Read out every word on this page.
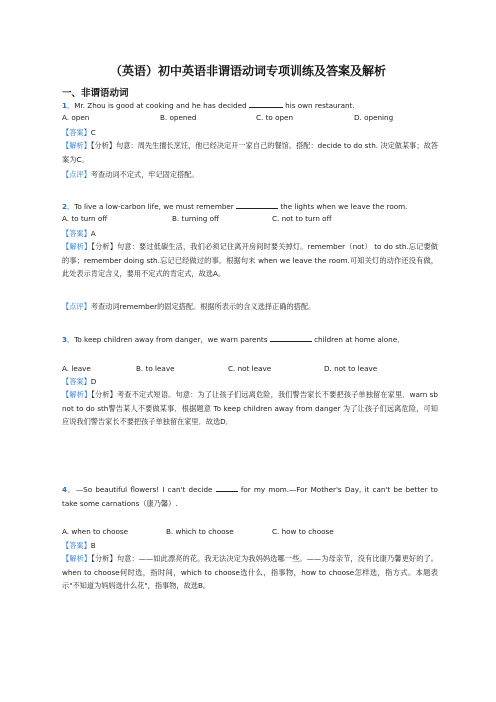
（英语）初中英语非谓语动词专项训练及答案及解析
一、非谓语动词
1．Mr. Zhou is good at cooking and he has decided	his own restaurant.
A. open	B. opened	C. to open	D. opening
【答案】C
【解析】【分析】句意：周先生擅长烹饪，他已经决定开一家自己的餐馆。搭配：decide to do sth. 决定做某事；故答案为C。
【点评】考查动词不定式，牢记固定搭配。
2．To live a low-carbon life, we must remember	the lights when we leave the room.
A. to turn off	B. turning off	C. not to turn off
【答案】A
【解析】【分析】句意：要过低碳生活，我们必须记住离开房间时要关掉灯。remember（not） to do sth.忘记要做的事；remember doing sth.忘记已经做过的事。根据句末 when we leave the room.可知关灯的动作还没有做，此处表示肯定含义，要用不定式的肯定式，故选A。
【点评】考查动词remember的固定搭配。根据所表示的含义选择正确的搭配。
3．To keep children away from danger，we warn parents	children at home alone．
A. leave	B. to leave	C. not leave	D. not to leave
【答案】D
【解析】【分析】考查不定式短语。句意：为了让孩子们远离危险，我们警告家长不要把孩子单独留在家里．warn sb not to do sth警告某人不要做某事．根据题意 To keep children away from danger 为了让孩子们远离危险，可知应说我们警告家长不要把孩子单独留在家里．故选D．
4．—So beautiful flowers! I can't decide	for my mom.—For Mother's Day, it can't be better to take some carnations（康乃馨）.
A. when to choose	B. which to choose	C. how to choose
【答案】B
【解析】【分析】句意：——如此漂亮的花。我无法决定为我妈妈选哪一些。——为母亲节，没有比康乃馨更好的了。when to choose何时选，指时间，which to choose选什么，指事物，how to choose怎样选，指方式。本题表示"不知道为妈妈选什么花"，指事物，故选B。
